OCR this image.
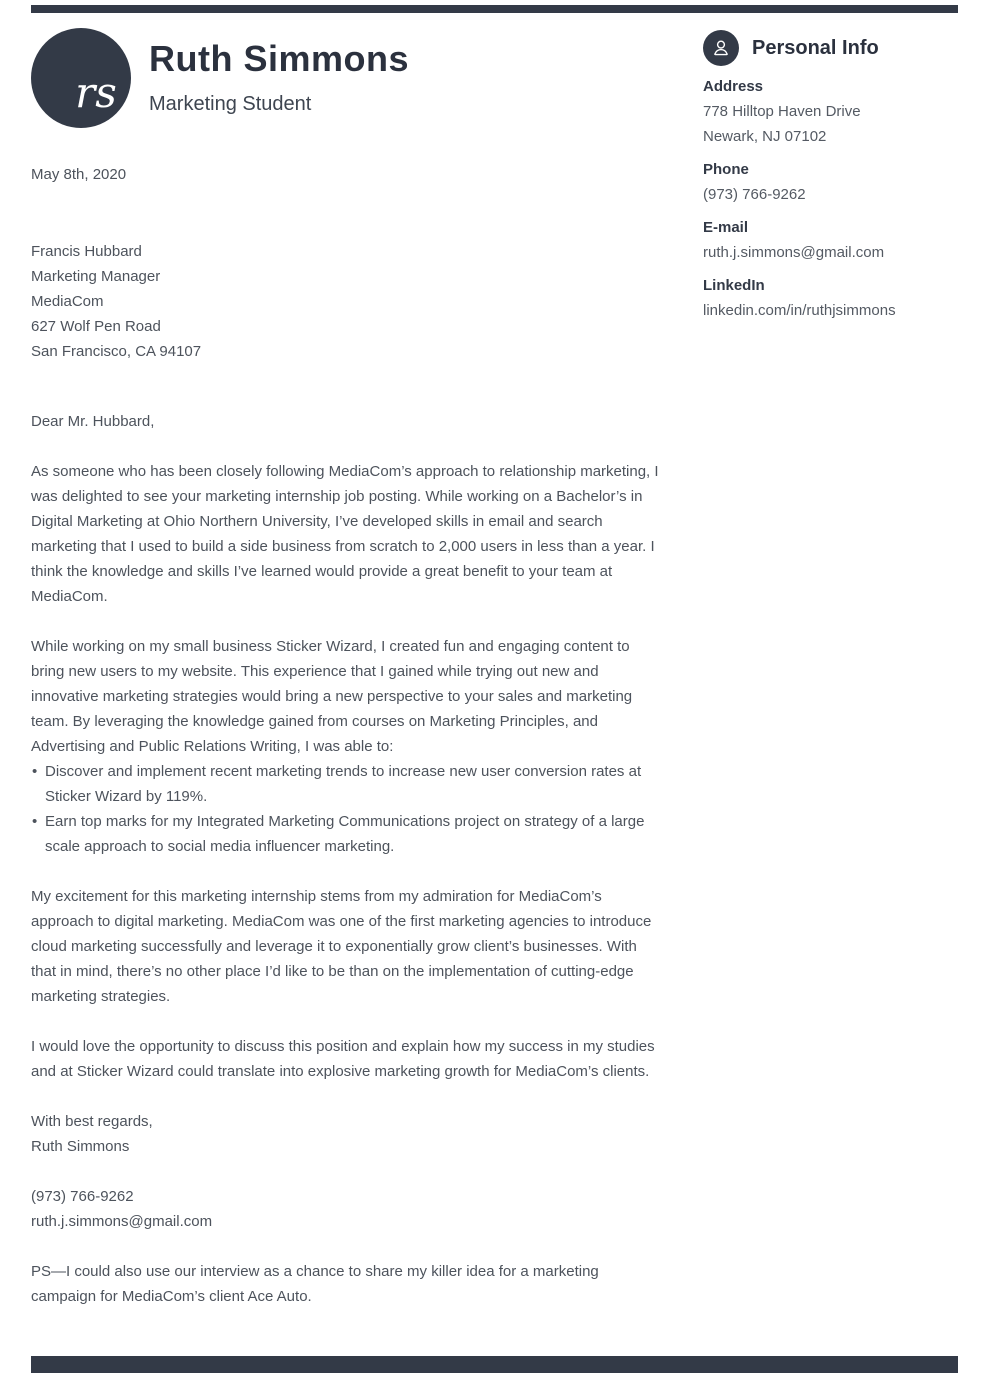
rs
Ruth Simmons
Marketing Student
May 8th, 2020
Francis Hubbard
Marketing Manager
MediaCom
627 Wolf Pen Road
San Francisco, CA 94107
Dear Mr. Hubbard,

As someone who has been closely following MediaCom’s approach to relationship marketing, I was delighted to see your marketing internship job posting. While working on a Bachelor’s in Digital Marketing at Ohio Northern University, I’ve developed skills in email and search marketing that I used to build a side business from scratch to 2,000 users in less than a year. I think the knowledge and skills I’ve learned would provide a great benefit to your team at MediaCom.

While working on my small business Sticker Wizard, I created fun and engaging content to bring new users to my website. This experience that I gained while trying out new and innovative marketing strategies would bring a new perspective to your sales and marketing team. By leveraging the knowledge gained from courses on Marketing Principles, and Advertising and Public Relations Writing, I was able to:

• Discover and implement recent marketing trends to increase new user conversion rates at Sticker Wizard by 119%.
• Earn top marks for my Integrated Marketing Communications project on strategy of a large scale approach to social media influencer marketing.

My excitement for this marketing internship stems from my admiration for MediaCom’s approach to digital marketing. MediaCom was one of the first marketing agencies to introduce cloud marketing successfully and leverage it to exponentially grow client’s businesses. With that in mind, there’s no other place I’d like to be than on the implementation of cutting-edge marketing strategies.

I would love the opportunity to discuss this position and explain how my success in my studies and at Sticker Wizard could translate into explosive marketing growth for MediaCom’s clients.

With best regards,
Ruth Simmons
(973) 766-9262
ruth.j.simmons@gmail.com

PS—I could also use our interview as a chance to share my killer idea for a marketing campaign for MediaCom’s client Ace Auto.

Personal Info
Address
778 Hilltop Haven Drive
Newark, NJ 07102
Phone
(973) 766-9262
E-mail
ruth.j.simmons@gmail.com
LinkedIn
linkedin.com/in/ruthjsimmons
